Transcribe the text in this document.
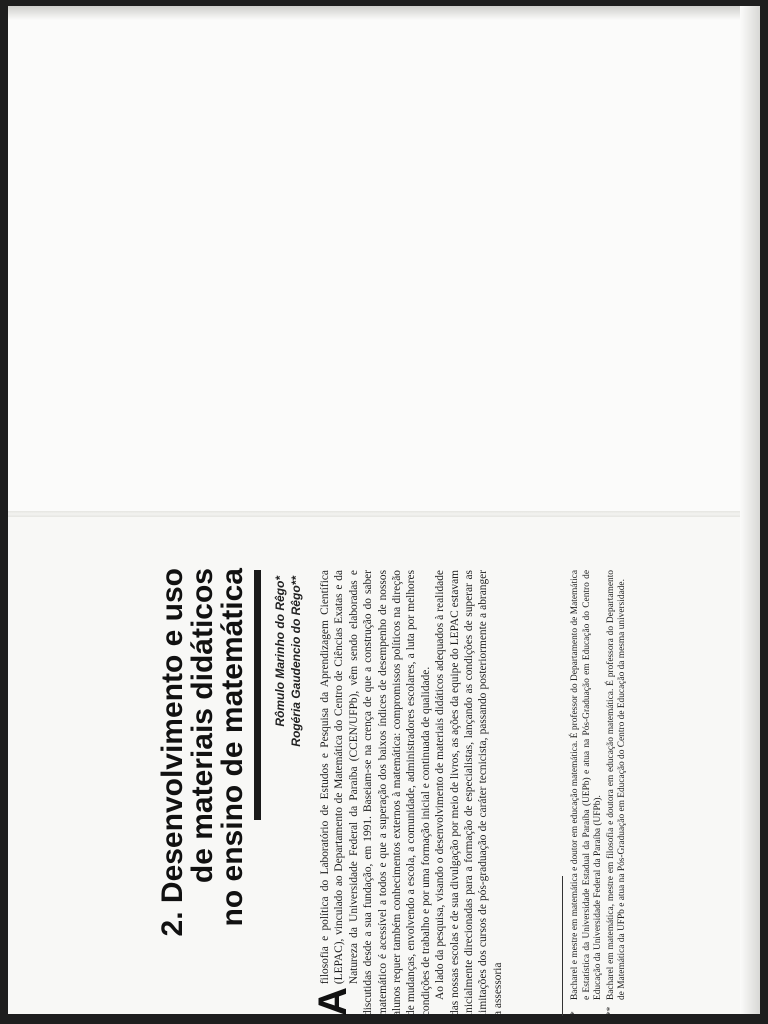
2. Desenvolvimento e uso
de materiais didáticos
no ensino de matemática Rômulo Marinho do Rêgo* Rogéria Gaudencio do Rêgo**

A
filosofia e política do Laboratório de Estudos e Pesquisa da Aprendizagem Científica (LEPAC), vinculado ao Departamento de Matemática do Centro de Ciências Exatas e da Natureza da Universidade Federal da Paraíba (CCEN/UFPb), vêm sendo elaboradas e discutidas desde a sua fundação, em 1991. Baseiam-se na crença de que a construção do saber matemático é acessível a todos e que a superação dos baixos índices de desempenho de nossos alunos requer também conhecimentos externos à matemática: compromissos políticos na direção de mudanças, envolvendo a escola, a comunidade, administradores escolares, a luta por melhores condições de trabalho e por uma formação inicial e continuada de qualidade. Ao lado da pesquisa, visando o desenvolvimento de materiais didáticos adequados à realidade das nossas escolas e de sua divulgação por meio de livros, as ações da equipe do LEPAC estavam inicialmente direcionadas para a formação de especialistas, lançando as condições de superar as limitações dos cursos de pós-graduação de caráter tecnicista, passando posteriormente a abranger a assessoria	*
Bacharel e mestre em matemática e doutor em educação matemática. É professor do Departamento de Matemática e Estatística da Universidade Estadual da Paraíba (UEPb) e atua na Pós-Graduação em Educação do Centro de Educação da Universidade Federal da Paraíba (UFPb).
**
Bacharel em matemática, mestre em filosofia e doutora em educação matemática. É professora do Departamento de Matemática da UFPb e atua na Pós-Graduação em Educação do Centro de Educação da mesma universidade.
